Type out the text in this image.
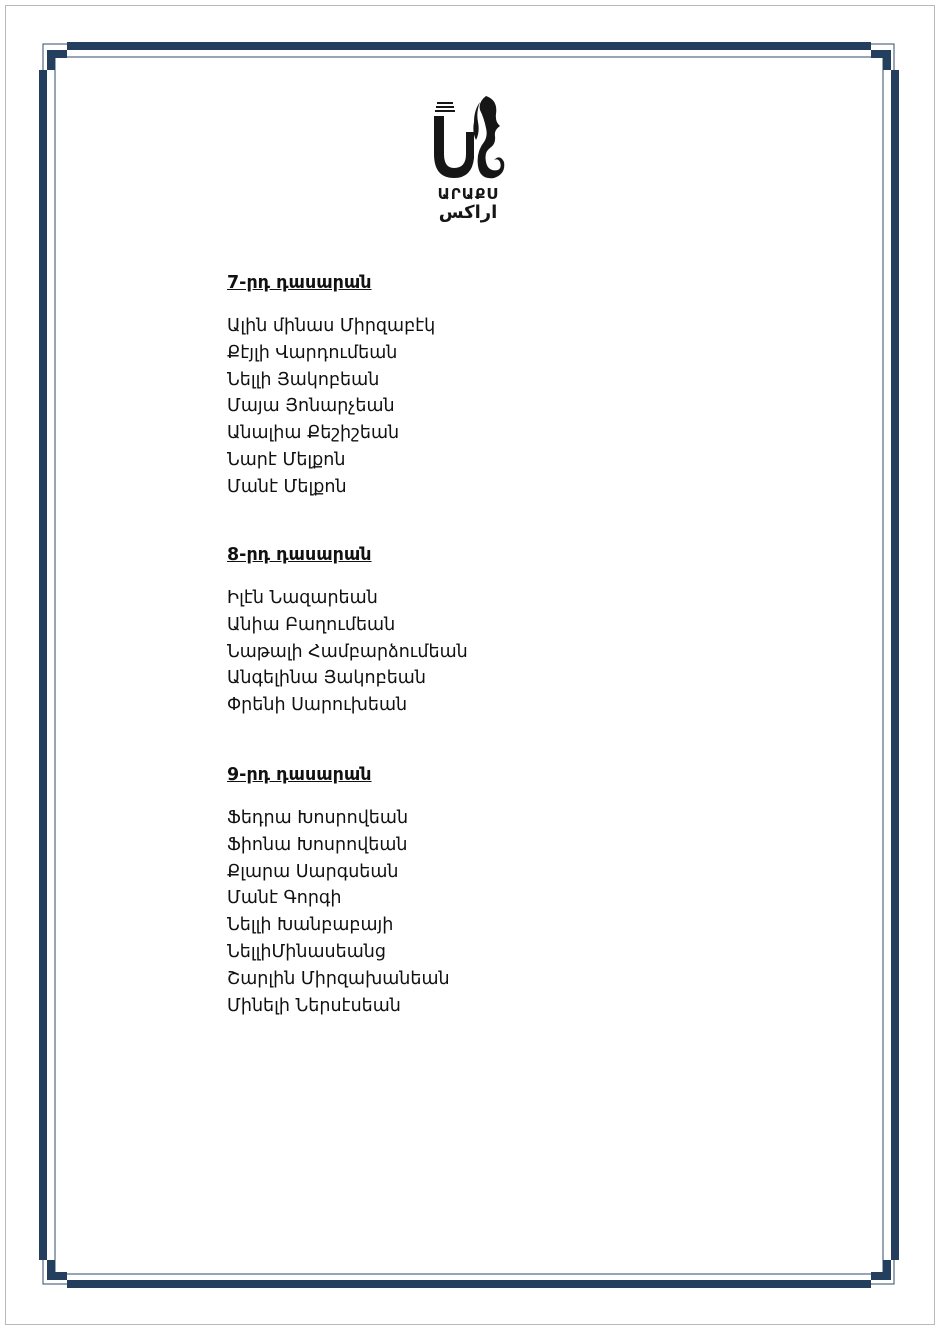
ԱՐԱՔՍ
اراكس
7-րդ դասարան
Ալին մինաս Միրզաբէկ
Քէյլի Վարդումեան
Նելլի Յակոբեան
Մայա Յոնարչեան
Անալիա Քեշիշեան
Նարէ Մելքոն
Մանէ Մելքոն
8-րդ դասարան
Իլէն Նազարեան
Անիա Բաղումեան
Նաթալի Համբարձումեան
Անգելինա Յակոբեան
Փրենի Սարուխեան
9-րդ դասարան
Ֆեդրա Խոսրովեան
Ֆիոնա Խոսրովեան
Քլարա Սարգսեան
Մանէ Գորգի
Նելլի Խանբաբայի
ՆելլիՄինասեանց
Շարլին Միրզախանեան
Մինելի Ներսէսեան
